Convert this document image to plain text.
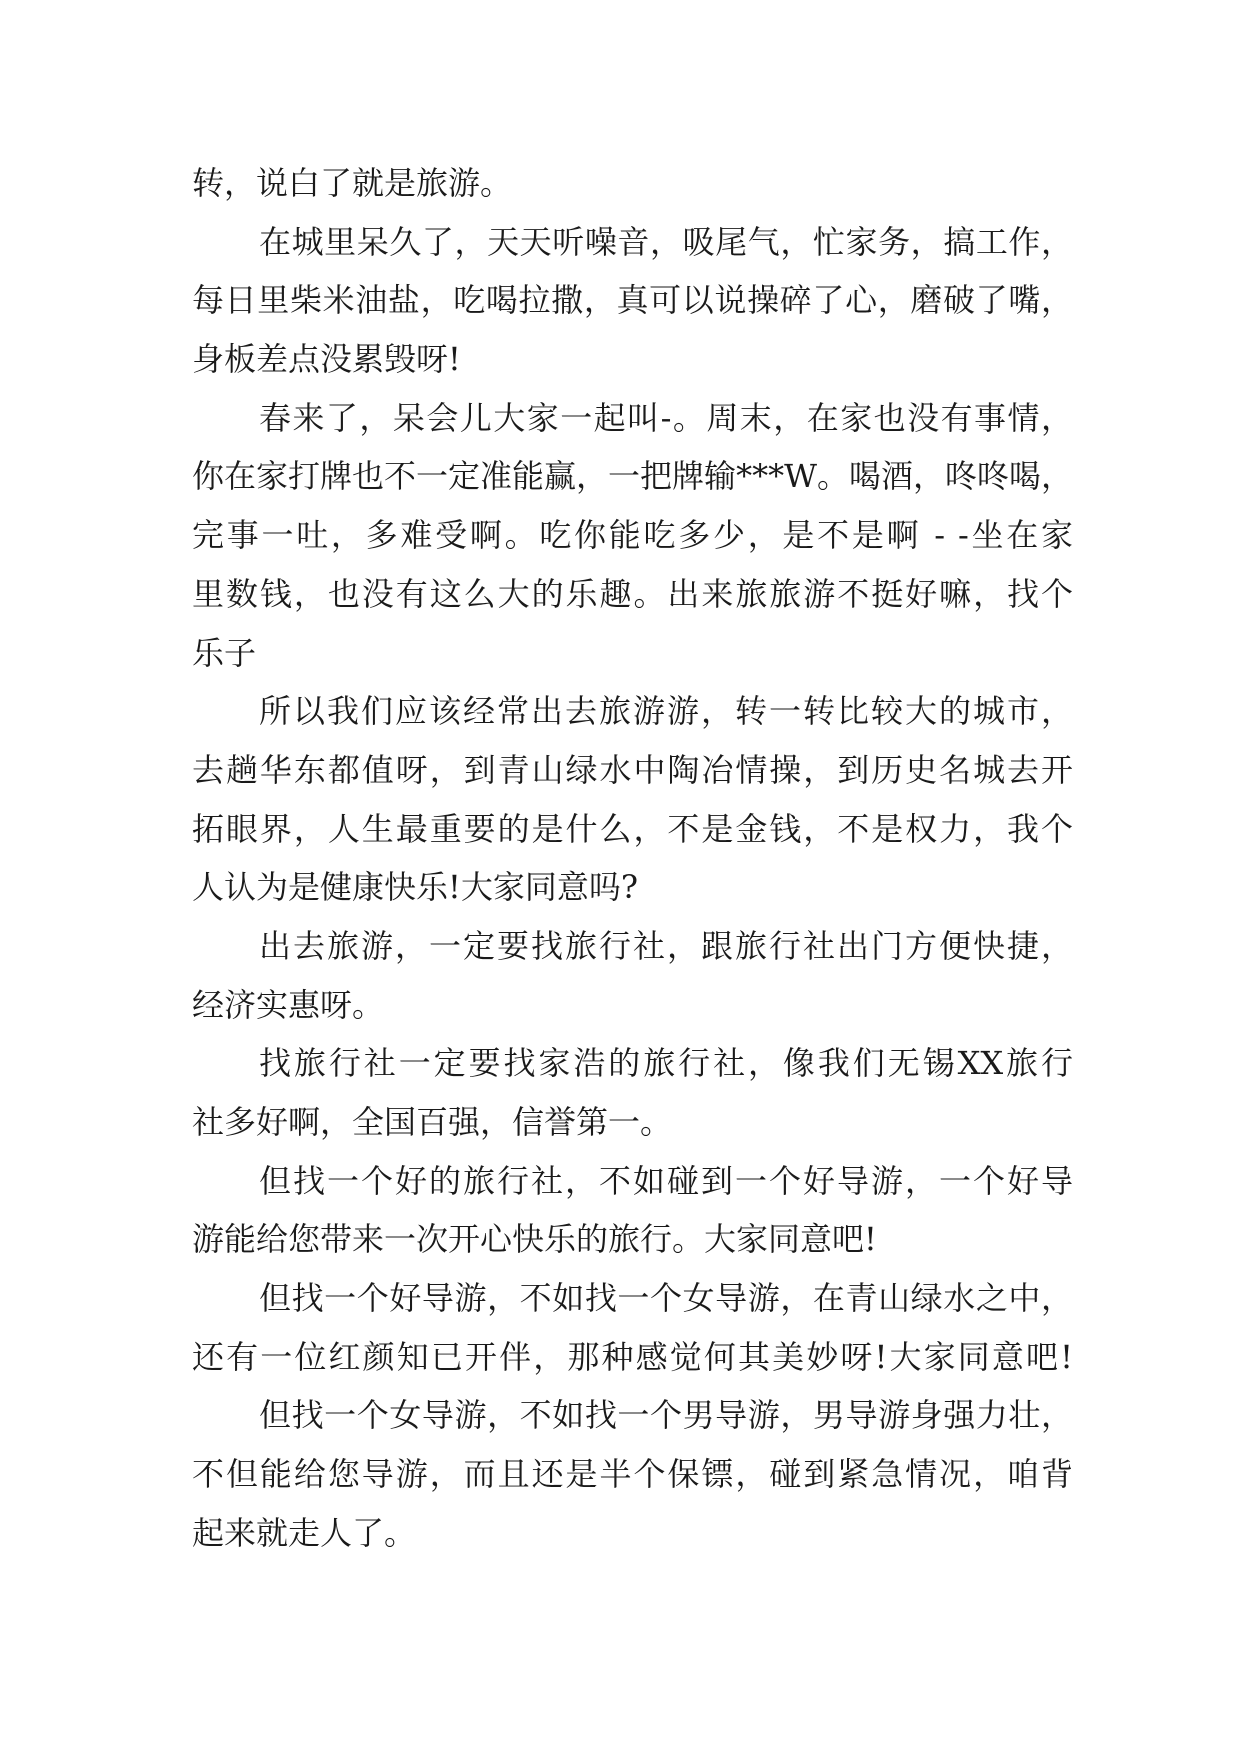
转，说白了就是旅游。
在城里呆久了，天天听噪音，吸尾气，忙家务，搞工作，
每日里柴米油盐，吃喝拉撒，真可以说操碎了心，磨破了嘴，
身板差点没累毁呀!
春来了，呆会儿大家一起叫-。周末，在家也没有事情，
你在家打牌也不一定准能赢，一把牌输***W。喝酒，咚咚喝，
完事一吐，多难受啊。吃你能吃多少，是不是啊 - -坐在家
里数钱，也没有这么大的乐趣。出来旅旅游不挺好嘛，找个
乐子
所以我们应该经常出去旅游游，转一转比较大的城市，
去趟华东都值呀，到青山绿水中陶冶情操，到历史名城去开
拓眼界，人生最重要的是什么，不是金钱，不是权力，我个
人认为是健康快乐!大家同意吗?
出去旅游，一定要找旅行社，跟旅行社出门方便快捷，
经济实惠呀。
找旅行社一定要找家浩的旅行社，像我们无锡XX旅行
社多好啊，全国百强，信誉第一。
但找一个好的旅行社，不如碰到一个好导游，一个好导
游能给您带来一次开心快乐的旅行。大家同意吧!
但找一个好导游，不如找一个女导游，在青山绿水之中，
还有一位红颜知已开伴，那种感觉何其美妙呀!大家同意吧!
但找一个女导游，不如找一个男导游，男导游身强力壮，
不但能给您导游，而且还是半个保镖，碰到紧急情况，咱背
起来就走人了。
